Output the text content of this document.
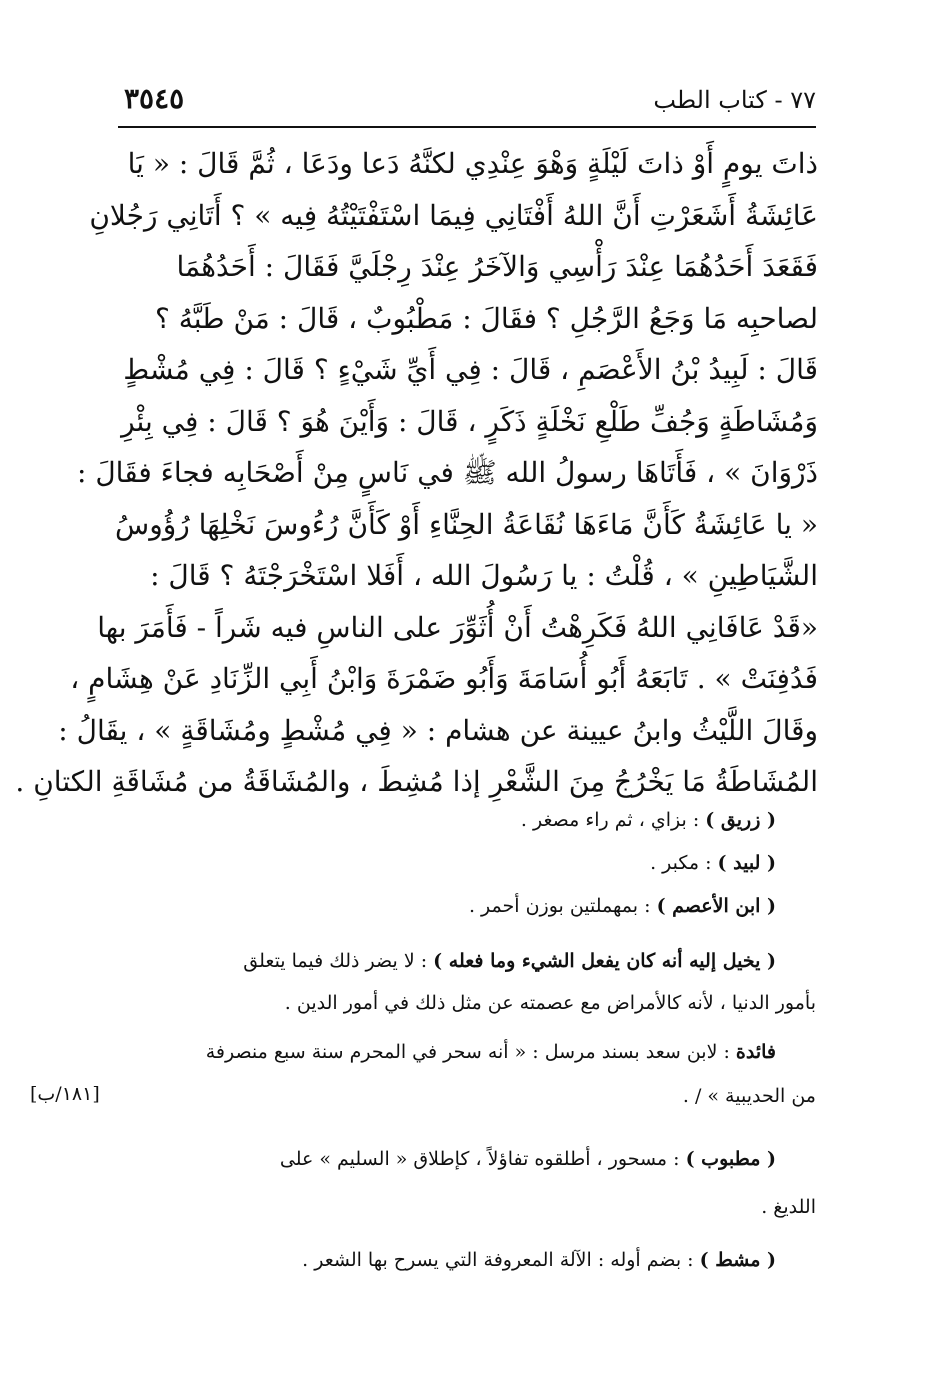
٧٧ - كتاب الطب
٣٥٤٥
ذاتَ يومٍ أَوْ ذاتَ لَيْلَةٍ وَهْوَ عِنْدِي لكنَّهُ دَعا ودَعَا ، ثُمَّ قَالَ : « يَا
عَائِشَةُ أَشَعَرْتِ أَنَّ اللهُ أَفْتَانِي فِيمَا اسْتَفْتَيْتُهُ فِيه » ؟ أَتَانِي رَجُلانِ
فَقَعَدَ أَحَدُهُمَا عِنْدَ رَأْسِي وَالآخَرُ عِنْدَ رِجْلَيَّ فَقَالَ : أَحَدُهُمَا
لصاحبِه مَا وَجَعُ الرَّجُلِ ؟ فقَالَ : مَطْبُوبٌ ، قَالَ : مَنْ طَبَّهُ ؟
قَالَ : لَبِيدُ بْنُ الأَعْصَمِ ، قَالَ : فِي أَيِّ شَيْءٍ ؟ قَالَ : فِي مُشْطٍ
وَمُشَاطَةٍ وَجُفِّ طَلْعِ نَخْلَةٍ ذَكَرٍ ، قَالَ : وَأَيْنَ هُوَ ؟ قَالَ : فِي بِئْرِ
ذَرْوَانَ » ، فَأَتَاهَا رسولُ الله ﷺ في نَاسٍ مِنْ أَصْحَابِه فجاءَ فقَالَ :
« يا عَائِشَةُ كَأَنَّ مَاءَهَا نُقَاعَةُ الحِنَّاءِ أَوْ كَأَنَّ رُءُوسَ نَخْلِهَا رُؤُوسُ
الشَّيَاطِينِ » ، قُلْتُ : يا رَسُولَ الله ، أَفَلا اسْتَخْرَجْتَهُ ؟ قَالَ :
«قَدْ عَافَانِي اللهُ فَكَرِهْتُ أَنْ أُثَوِّرَ على الناسِ فيه شَراً - فَأَمَرَ بها
فَدُفِنَتْ » . تَابَعَهُ أَبُو أُسَامَةَ وَأَبُو ضَمْرَةَ وَابْنُ أَبِي الزِّنَادِ عَنْ هِشَامٍ ،
وقَالَ اللَّيْثُ وابنُ عيينة عن هشام : « فِي مُشْطٍ ومُشَاقَةٍ » ، يقَالُ :
المُشَاطَةُ مَا يَخْرُجُ مِنَ الشَّعْرِ إذا مُشِطَ ، والمُشَاقَةُ من مُشَاقَةِ الكتانِ .
( زريق ) : بزاي ، ثم راء مصغر .
( لبيد ) : مكبر .
( ابن الأعصم ) : بمهملتين بوزن أحمر .
( يخيل إليه أنه كان يفعل الشيء وما فعله ) : لا يضر ذلك فيما يتعلق
بأمور الدنيا ، لأنه كالأمراض مع عصمته عن مثل ذلك في أمور الدين .
فائدة : لابن سعد بسند مرسل : « أنه سحر في المحرم سنة سبع منصرفة
من الحديبية » / .
( مطبوب ) : مسحور ، أطلقوه تفاؤلاً ، كإطلاق « السليم » على
اللديغ .
( مشط ) : بضم أوله : الآلة المعروفة التي يسرح بها الشعر .
[١٨١/ب]
